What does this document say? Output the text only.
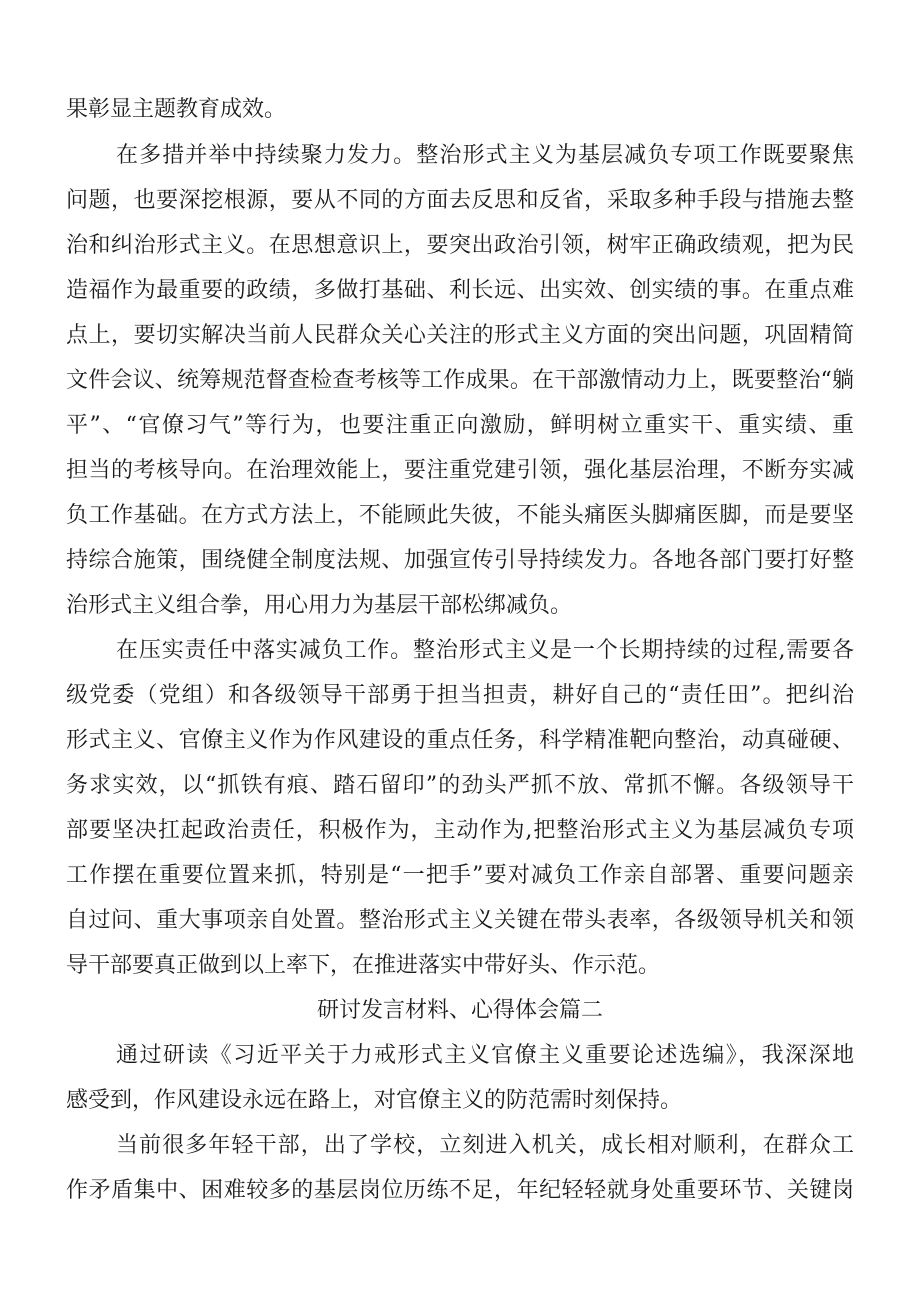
果彰显主题教育成效。
在多措并举中持续聚力发力。整治形式主义为基层减负专项工作既要聚焦
问题，也要深挖根源，要从不同的方面去反思和反省，采取多种手段与措施去整
治和纠治形式主义。在思想意识上，要突出政治引领，树牢正确政绩观，把为民
造福作为最重要的政绩，多做打基础、利长远、出实效、创实绩的事。在重点难
点上，要切实解决当前人民群众关心关注的形式主义方面的突出问题，巩固精简
文件会议、统筹规范督查检查考核等工作成果。在干部激情动力上，既要整治“躺
平”、“官僚习气”等行为，也要注重正向激励，鲜明树立重实干、重实绩、重
担当的考核导向。在治理效能上，要注重党建引领，强化基层治理，不断夯实减
负工作基础。在方式方法上，不能顾此失彼，不能头痛医头脚痛医脚，而是要坚
持综合施策，围绕健全制度法规、加强宣传引导持续发力。各地各部门要打好整
治形式主义组合拳，用心用力为基层干部松绑减负。
在压实责任中落实减负工作。整治形式主义是一个长期持续的过程,需要各
级党委（党组）和各级领导干部勇于担当担责，耕好自己的“责任田”。把纠治
形式主义、官僚主义作为作风建设的重点任务，科学精准靶向整治，动真碰硬、
务求实效，以“抓铁有痕、踏石留印”的劲头严抓不放、常抓不懈。各级领导干
部要坚决扛起政治责任，积极作为，主动作为,把整治形式主义为基层减负专项
工作摆在重要位置来抓，特别是“一把手”要对减负工作亲自部署、重要问题亲
自过问、重大事项亲自处置。整治形式主义关键在带头表率，各级领导机关和领
导干部要真正做到以上率下，在推进落实中带好头、作示范。
研讨发言材料、心得体会篇二
通过研读《习近平关于力戒形式主义官僚主义重要论述选编》，我深深地
感受到，作风建设永远在路上，对官僚主义的防范需时刻保持。
当前很多年轻干部，出了学校，立刻进入机关，成长相对顺利，在群众工
作矛盾集中、困难较多的基层岗位历练不足，年纪轻轻就身处重要环节、关键岗
